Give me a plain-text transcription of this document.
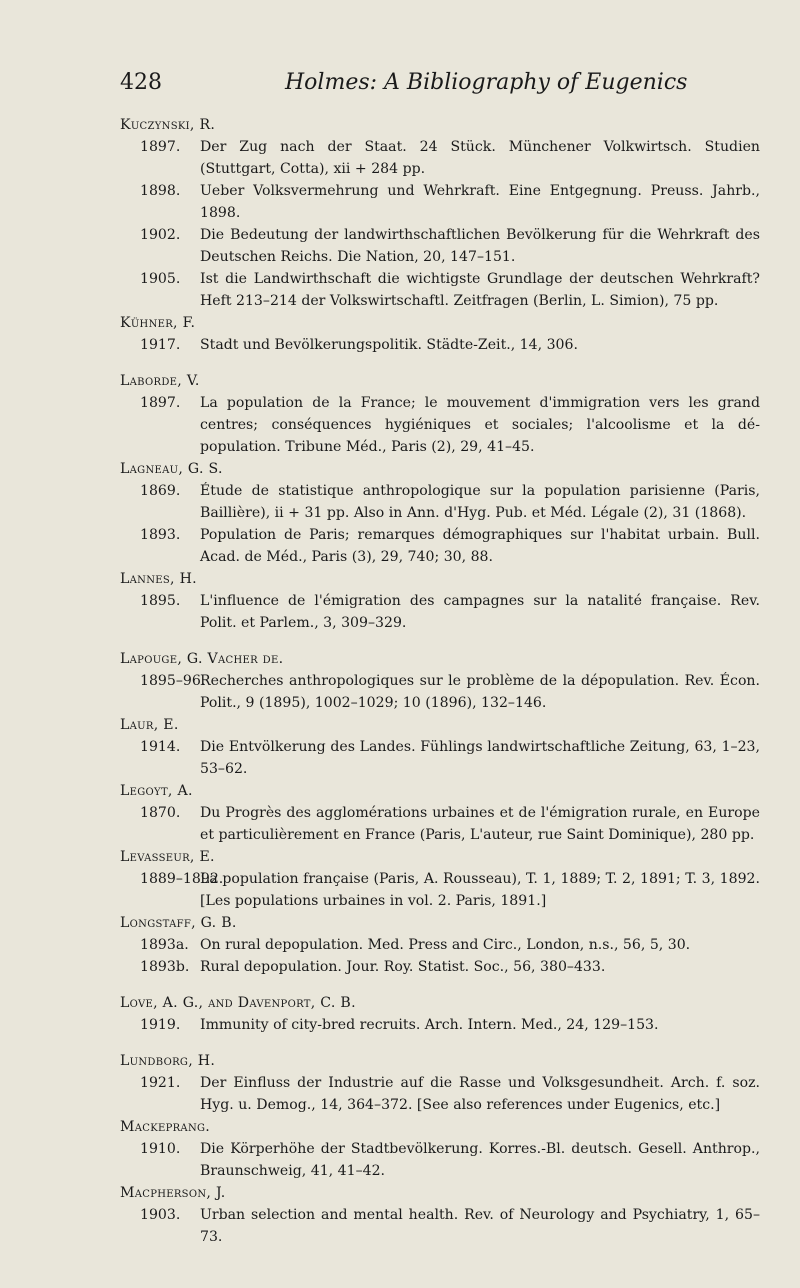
428	Holmes: A Bibliography of Eugenics
Kuczynski, R.
1897. Der Zug nach der Staat. 24 Stück. Münchener Volkwirtsch. Studien (Stuttgart, Cotta), xii + 284 pp.
1898. Ueber Volksvermehrung und Wehrkraft. Eine Entgegnung. Preuss. Jahrb., 1898.
1902. Die Bedeutung der landwirthschaftlichen Bevölkerung für die Wehrkraft des Deutschen Reichs. Die Nation, 20, 147–151.
1905. Ist die Landwirthschaft die wichtigste Grundlage der deutschen Wehrkraft? Heft 213–214 der Volkswirtschaftl. Zeitfragen (Berlin, L. Simion), 75 pp.
Kühner, F.
1917. Stadt und Bevölkerungspolitik. Städte-Zeit., 14, 306.
Laborde, V.
1897. La population de la France; le mouvement d'immigration vers les grand centres; conséquences hygiéniques et sociales; l'alcoolisme et la dé-population. Tribune Méd., Paris (2), 29, 41–45.
Lagneau, G. S.
1869. Étude de statistique anthropologique sur la population parisienne (Paris, Baillière), ii + 31 pp. Also in Ann. d'Hyg. Pub. et Méd. Légale (2), 31 (1868).
1893. Population de Paris; remarques démographiques sur l'habitat urbain. Bull. Acad. de Méd., Paris (3), 29, 740; 30, 88.
Lannes, H.
1895. L'influence de l'émigration des campagnes sur la natalité française. Rev. Polit. et Parlem., 3, 309–329.
Lapouge, G. Vacher de.
1895–96.
Recherches anthropologiques sur le problème de la dépopulation. Rev. Écon. Polit., 9 (1895), 1002–1029; 10 (1896), 132–146.
Laur, E.
1914. Die Entvölkerung des Landes. Fühlings landwirtschaftliche Zeitung, 63, 1–23, 53–62.
Legoyt, A.
1870. Du Progrès des agglomérations urbaines et de l'émigration rurale, en Europe et particulièrement en France (Paris, L'auteur, rue Saint Dominique), 280 pp.
Levasseur, E.
1889–1892.
La population française (Paris, A. Rousseau), T. 1, 1889; T. 2, 1891; T. 3, 1892. [Les populations urbaines in vol. 2. Paris, 1891.]
Longstaff, G. B.
1893a. On rural depopulation. Med. Press and Circ., London, n.s., 56, 5, 30.
1893b. Rural depopulation. Jour. Roy. Statist. Soc., 56, 380–433.
Love, A. G., and Davenport, C. B.
1919. Immunity of city-bred recruits. Arch. Intern. Med., 24, 129–153.
Lundborg, H.
1921. Der Einfluss der Industrie auf die Rasse und Volksgesundheit. Arch. f. soz. Hyg. u. Demog., 14, 364–372. [See also references under Eugenics, etc.]
Mackeprang.
1910. Die Körperhöhe der Stadtbevölkerung. Korres.-Bl. deutsch. Gesell. Anthrop., Braunschweig, 41, 41–42.
Macpherson, J.
1903. Urban selection and mental health. Rev. of Neurology and Psychiatry, 1, 65–73.
